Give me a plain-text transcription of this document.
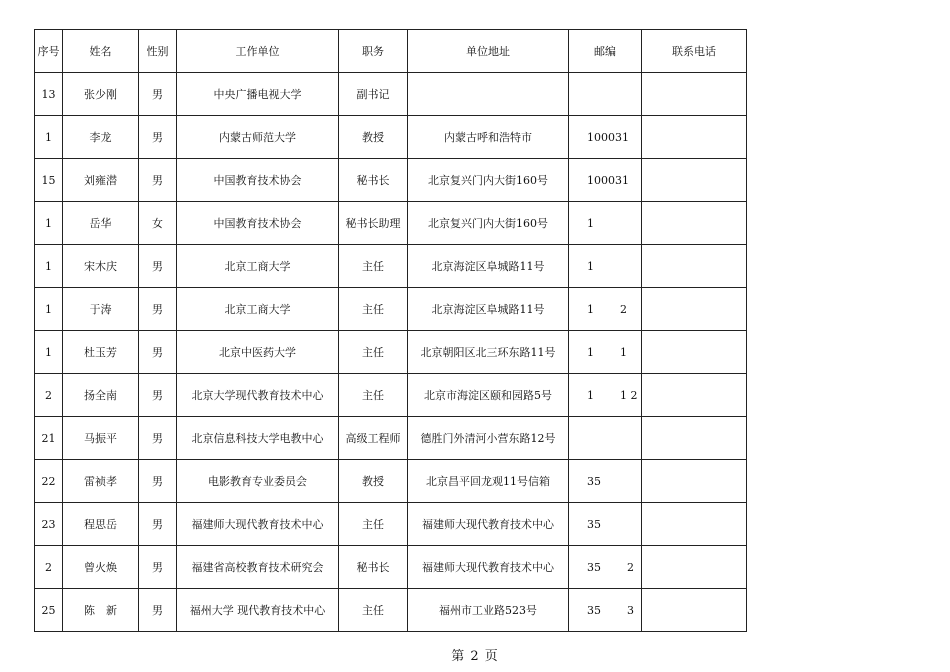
序号	姓名	性别	工作单位	职务	单位地址	邮编	联系电话
13	张少刚	男	中央广播电视大学	副书记			
1	李龙	男	内蒙古师范大学	教授	内蒙古呼和浩特市	100031	
15	刘雍潜	男	中国教育技术协会	秘书长	北京复兴门内大街160号	100031	
1	岳华	女	中国教育技术协会	秘书长助理	北京复兴门内大街160号	1	
1	宋木庆	男	北京工商大学	主任	北京海淀区阜城路11号	1	
1	于涛	男	北京工商大学	主任	北京海淀区阜城路11号	1 2	
1	杜玉芳	男	北京中医药大学	主任	北京朝阳区北三环东路11号	1 1	
2	扬全南	男	北京大学现代教育技术中心	主任	北京市海淀区颐和园路5号	1 1 2	
21	马振平	男	北京信息科技大学电教中心	高级工程师	德胜门外清河小营东路12号		
22	雷祯孝	男	电影教育专业委员会	教授	北京昌平回龙观11号信箱	35	
23	程思岳	男	福建师大现代教育技术中心	主任	福建师大现代教育技术中心	35	
2	曾火焕	男	福建省高校教育技术研究会	秘书长	福建师大现代教育技术中心	35 2	
25	陈　新	男	福州大学 现代教育技术中心	主任	福州市工业路523号	35 3	
第 2 页
